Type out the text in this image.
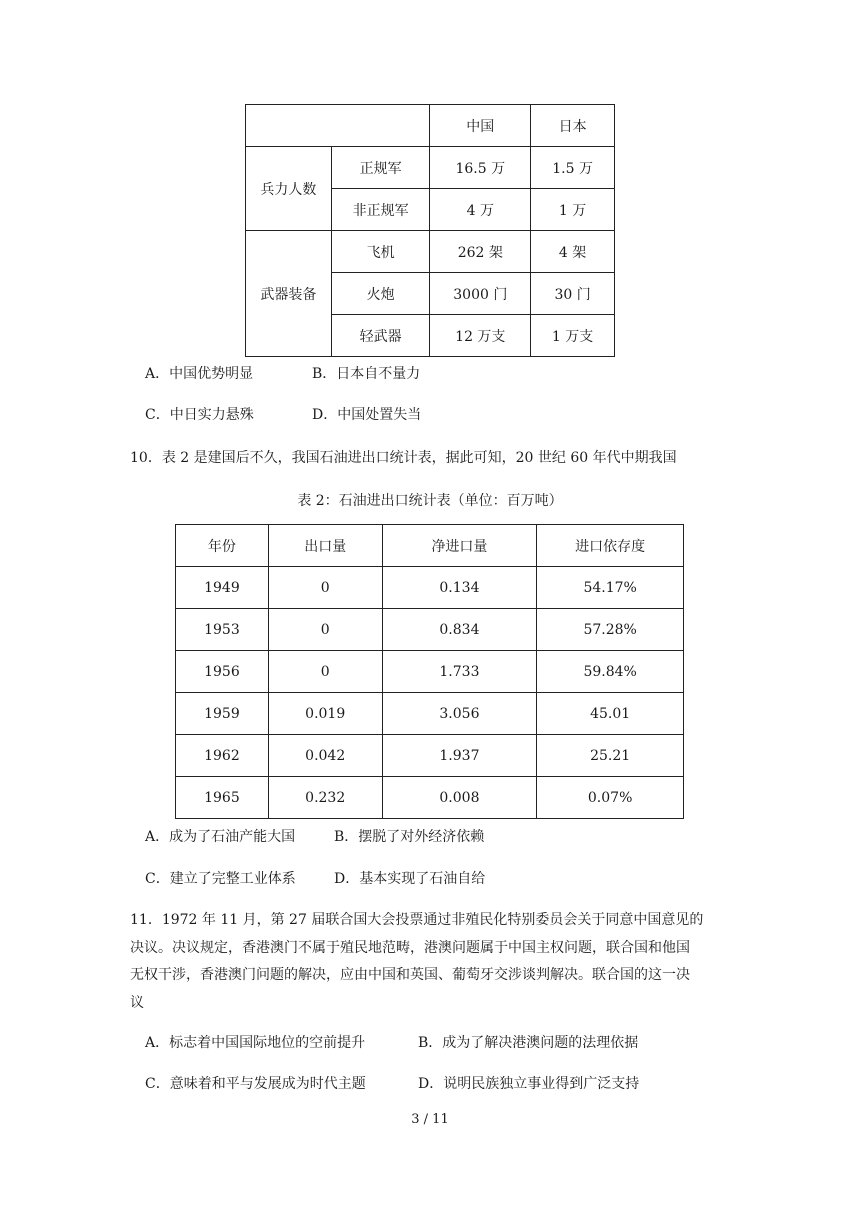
		中国	日本
兵力人数	正规军	16.5 万	1.5 万
	非正规军	4 万	1 万
武器装备	飞机	262 架	4 架
	火炮	3000 门	30 门
	轻武器	12 万支	1 万支
A．中国优势明显	B．日本自不量力
C．中日实力悬殊	D．中国处置失当
10．表 2 是建国后不久，我国石油进出口统计表，据此可知，20 世纪 60 年代中期我国
表 2：石油进出口统计表（单位：百万吨）
年份	出口量	净进口量	进口依存度
1949	0	0.134	54.17%
1953	0	0.834	57.28%
1956	0	1.733	59.84%
1959	0.019	3.056	45.01
1962	0.042	1.937	25.21
1965	0.232	0.008	0.07%
A．成为了石油产能大国	B．摆脱了对外经济依赖
C．建立了完整工业体系	D．基本实现了石油自给
11．1972 年 11 月，第 27 届联合国大会投票通过非殖民化特别委员会关于同意中国意见的
决议。决议规定，香港澳门不属于殖民地范畴，港澳问题属于中国主权问题，联合国和他国
无权干涉，香港澳门问题的解决，应由中国和英国、葡萄牙交涉谈判解决。联合国的这一决
议
A．标志着中国国际地位的空前提升	B．成为了解决港澳问题的法理依据
C．意味着和平与发展成为时代主题	D．说明民族独立事业得到广泛支持
3 / 11
